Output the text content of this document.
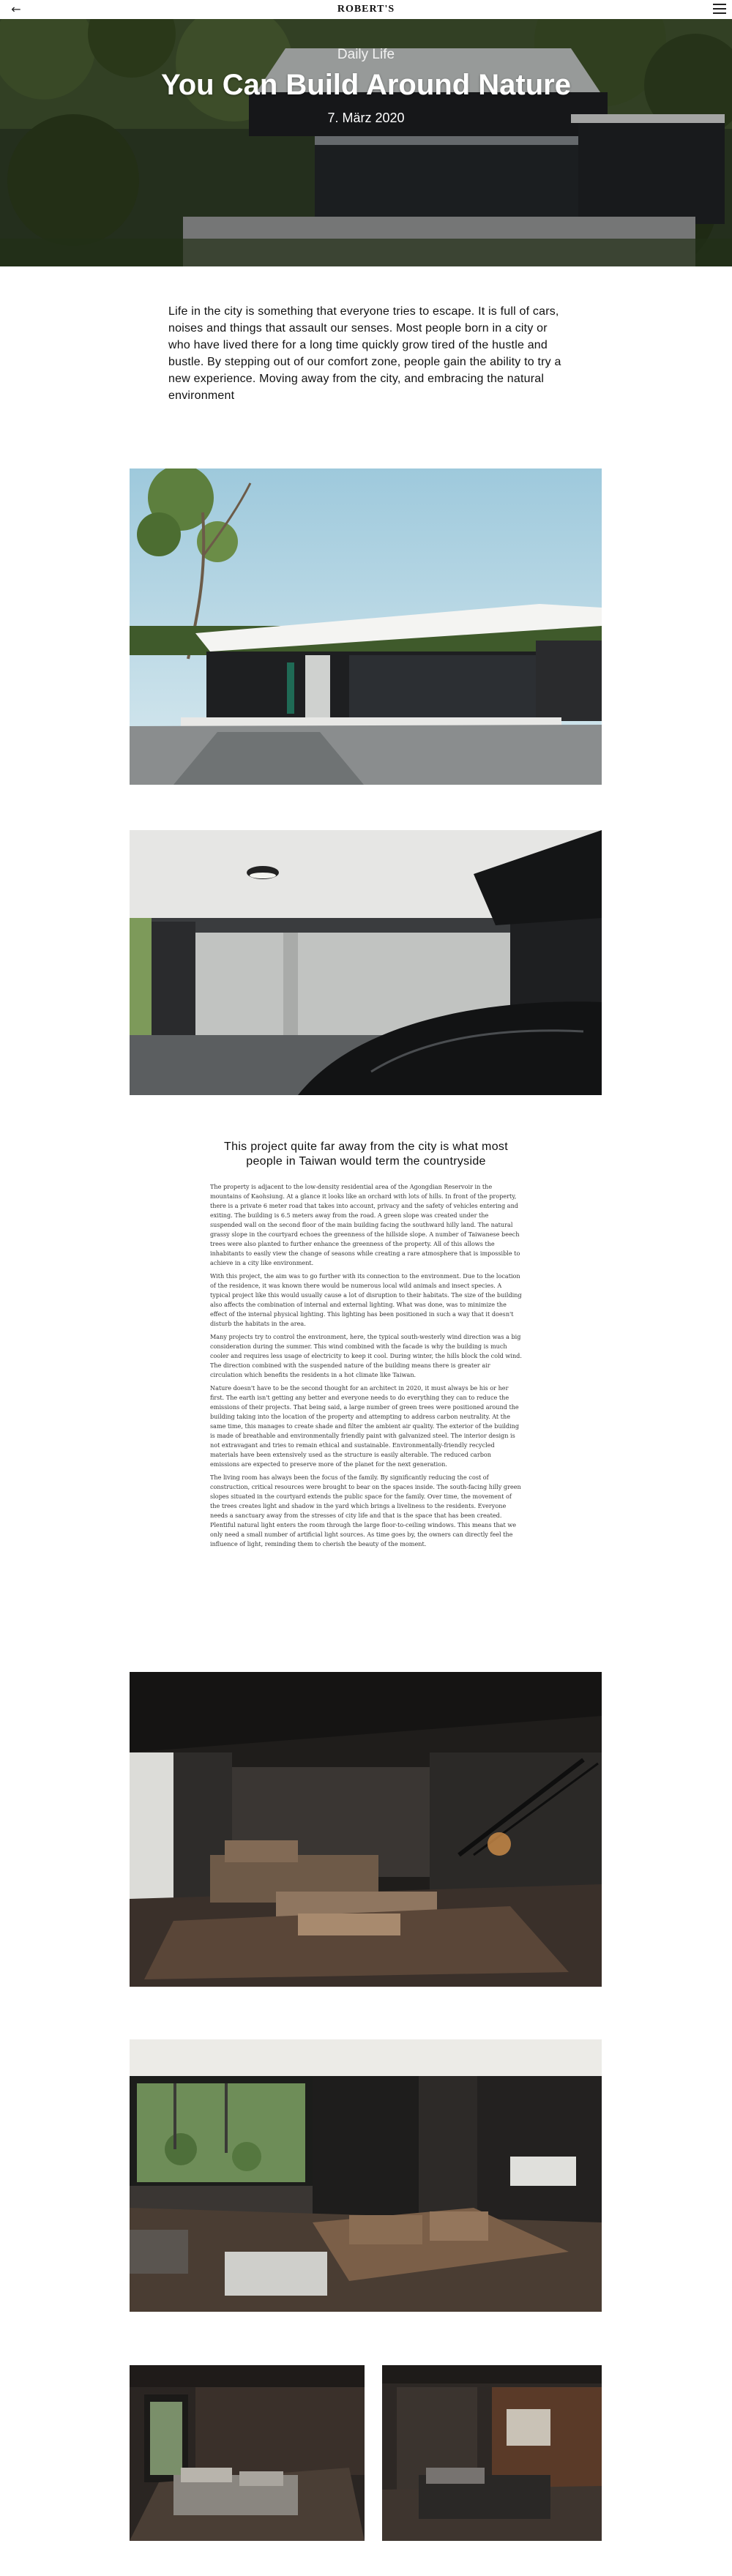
←	ROBERT'S
Daily Life
You Can Build Around Nature
7. März 2020
Life in the city is something that everyone tries to escape. It is full of cars, noises and things that assault our senses. Most people born in a city or who have lived there for a long time quickly grow tired of the hustle and bustle. By stepping out of our comfort zone, people gain the ability to try a new experience. Moving away from the city, and embracing the natural environment
This project quite far away from the city is what most people in Taiwan would term the countryside

The property is adjacent to the low-density residential area of the Agongdian Reservoir in the mountains of Kaohsiung. At a glance it looks like an orchard with lots of hills. In front of the property, there is a private 6 meter road that takes into account, privacy and the safety of vehicles entering and exiting. The building is 6.5 meters away from the road. A green slope was created under the suspended wall on the second floor of the main building facing the southward hilly land. The natural grassy slope in the courtyard echoes the greenness of the hillside slope. A number of Taiwanese beech trees were also planted to further enhance the greenness of the property. All of this allows the inhabitants to easily view the change of seasons while creating a rare atmosphere that is impossible to achieve in a city like environment.

With this project, the aim was to go further with its connection to the environment. Due to the location of the residence, it was known there would be numerous local wild animals and insect species. A typical project like this would usually cause a lot of disruption to their habitats. The size of the building also affects the combination of internal and external lighting. What was done, was to minimize the effect of the internal physical lighting. This lighting has been positioned in such a way that it doesn't disturb the habitats in the area.

Many projects try to control the environment, here, the typical south-westerly wind direction was a big consideration during the summer. This wind combined with the facade is why the building is much cooler and requires less usage of electricity to keep it cool. During winter, the hills block the cold wind. The direction combined with the suspended nature of the building means there is greater air circulation which benefits the residents in a hot climate like Taiwan.

Nature doesn't have to be the second thought for an architect in 2020, it must always be his or her first. The earth isn't getting any better and everyone needs to do everything they can to reduce the emissions of their projects. That being said, a large number of green trees were positioned around the building taking into the location of the property and attempting to address carbon neutrality. At the same time, this manages to create shade and filter the ambient air quality. The exterior of the building is made of breathable and environmentally friendly paint with galvanized steel. The interior design is not extravagant and tries to remain ethical and sustainable. Environmentally-friendly recycled materials have been extensively used as the structure is easily alterable. The reduced carbon emissions are expected to preserve more of the planet for the next generation.

The living room has always been the focus of the family. By significantly reducing the cost of construction, critical resources were brought to bear on the spaces inside. The south-facing hilly green slopes situated in the courtyard extends the public space for the family. Over time, the movement of the trees creates light and shadow in the yard which brings a liveliness to the residents. Everyone needs a sanctuary away from the stresses of city life and that is the space that has been created. Plentiful natural light enters the room through the large floor-to-ceiling windows. This means that we only need a small number of artificial light sources. As time goes by, the owners can directly feel the influence of light, reminding them to cherish the beauty of the moment.
